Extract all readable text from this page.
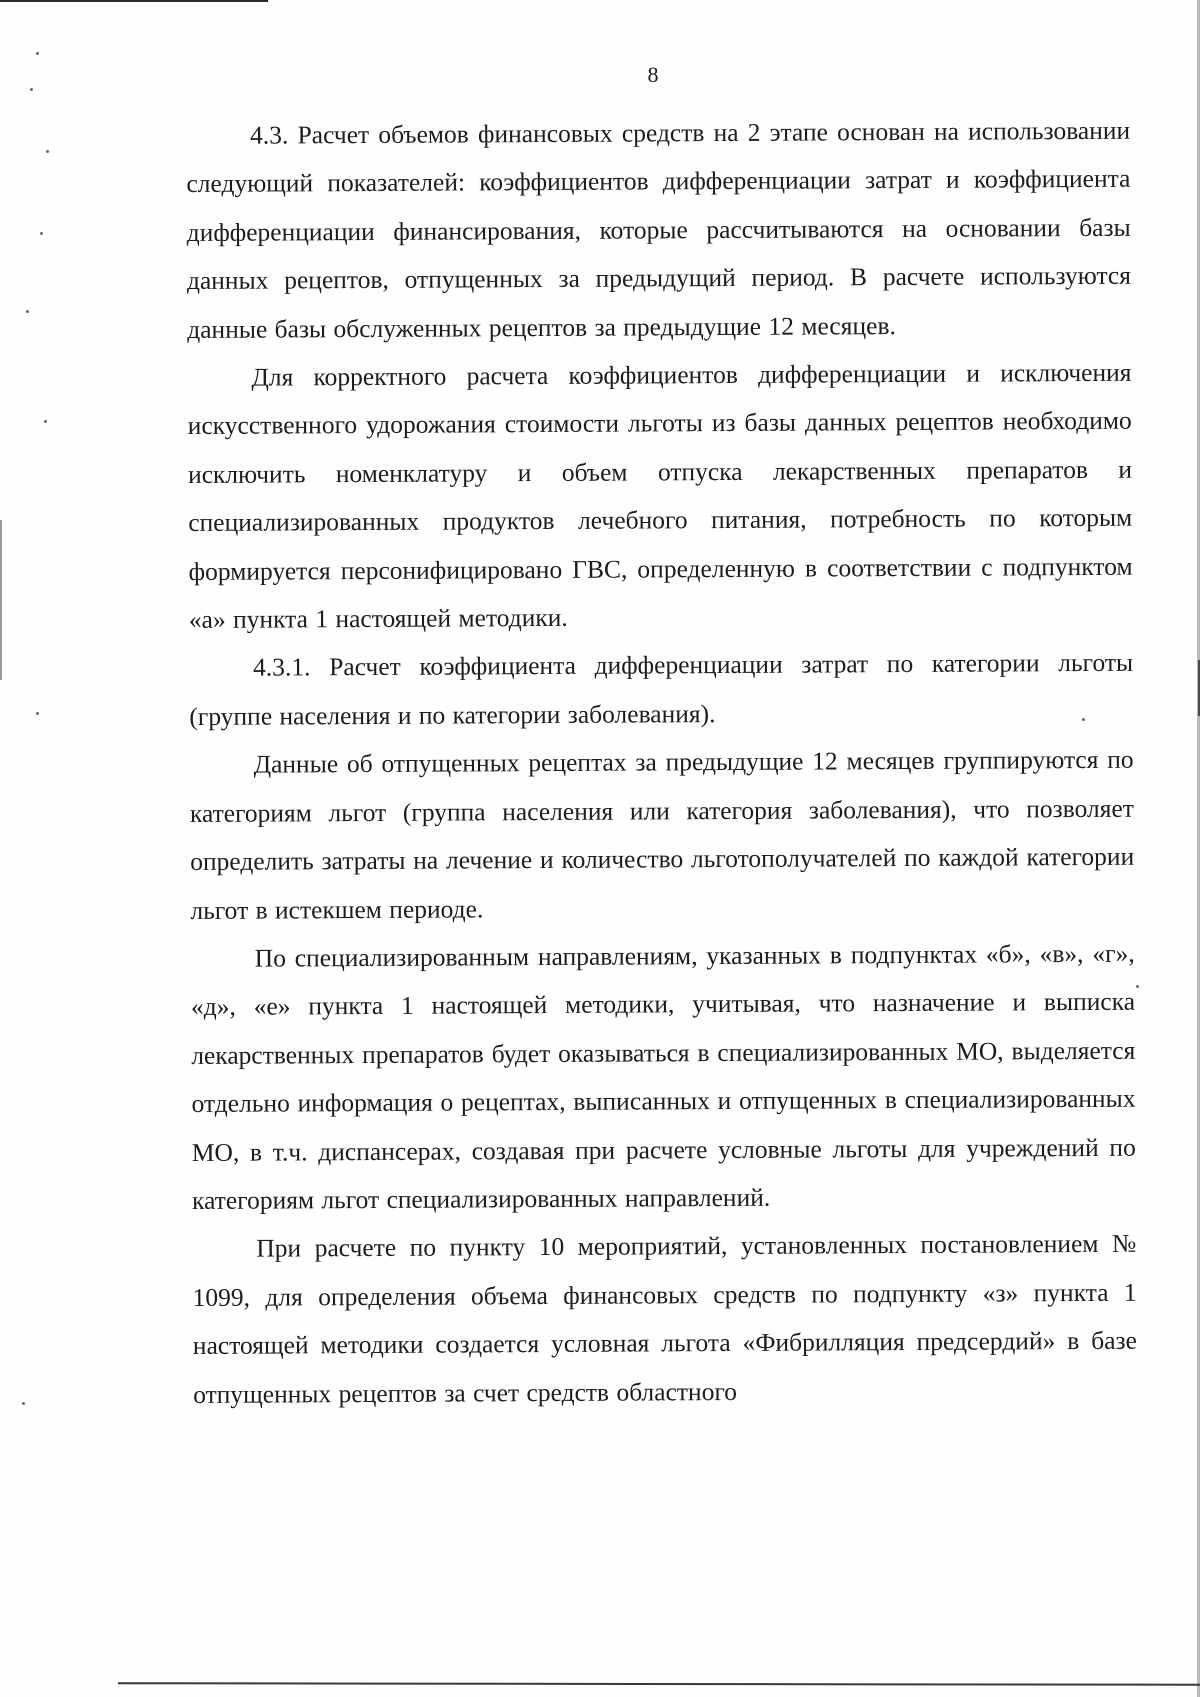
8

4.3. Расчет объемов финансовых средств на 2 этапе основан на использовании следующий показателей: коэффициентов дифференциации затрат и коэффициента дифференциации финансирования, которые рассчитываются на основании базы данных рецептов, отпущенных за предыдущий период. В расчете используются данные базы обслуженных рецептов за предыдущие 12 месяцев.

Для корректного расчета коэффициентов дифференциации и исключения искусственного удорожания стоимости льготы из базы данных рецептов необходимо исключить номенклатуру и объем отпуска лекарственных препаратов и специализированных продуктов лечебного питания, потребность по которым формируется персонифицировано ГВС, определенную в соответствии с подпунктом «а» пункта 1 настоящей методики.

4.3.1. Расчет коэффициента дифференциации затрат по категории льготы (группе населения и по категории заболевания).

Данные об отпущенных рецептах за предыдущие 12 месяцев группируются по категориям льгот (группа населения или категория заболевания), что позволяет определить затраты на лечение и количество льготополучателей по каждой категории льгот в истекшем периоде.

По специализированным направлениям, указанных в подпунктах «б», «в», «г», «д», «е» пункта 1 настоящей методики, учитывая, что назначение и выписка лекарственных препаратов будет оказываться в специализированных МО, выделяется отдельно информация о рецептах, выписанных и отпущенных в специализированных МО, в т.ч. диспансерах, создавая при расчете условные льготы для учреждений по категориям льгот специализированных направлений.

При расчете по пункту 10 мероприятий, установленных постановлением № 1099, для определения объема финансовых средств по подпункту «з» пункта 1 настоящей методики создается условная льгота «Фибрилляция предсердий» в базе отпущенных рецептов за счет средств областного
